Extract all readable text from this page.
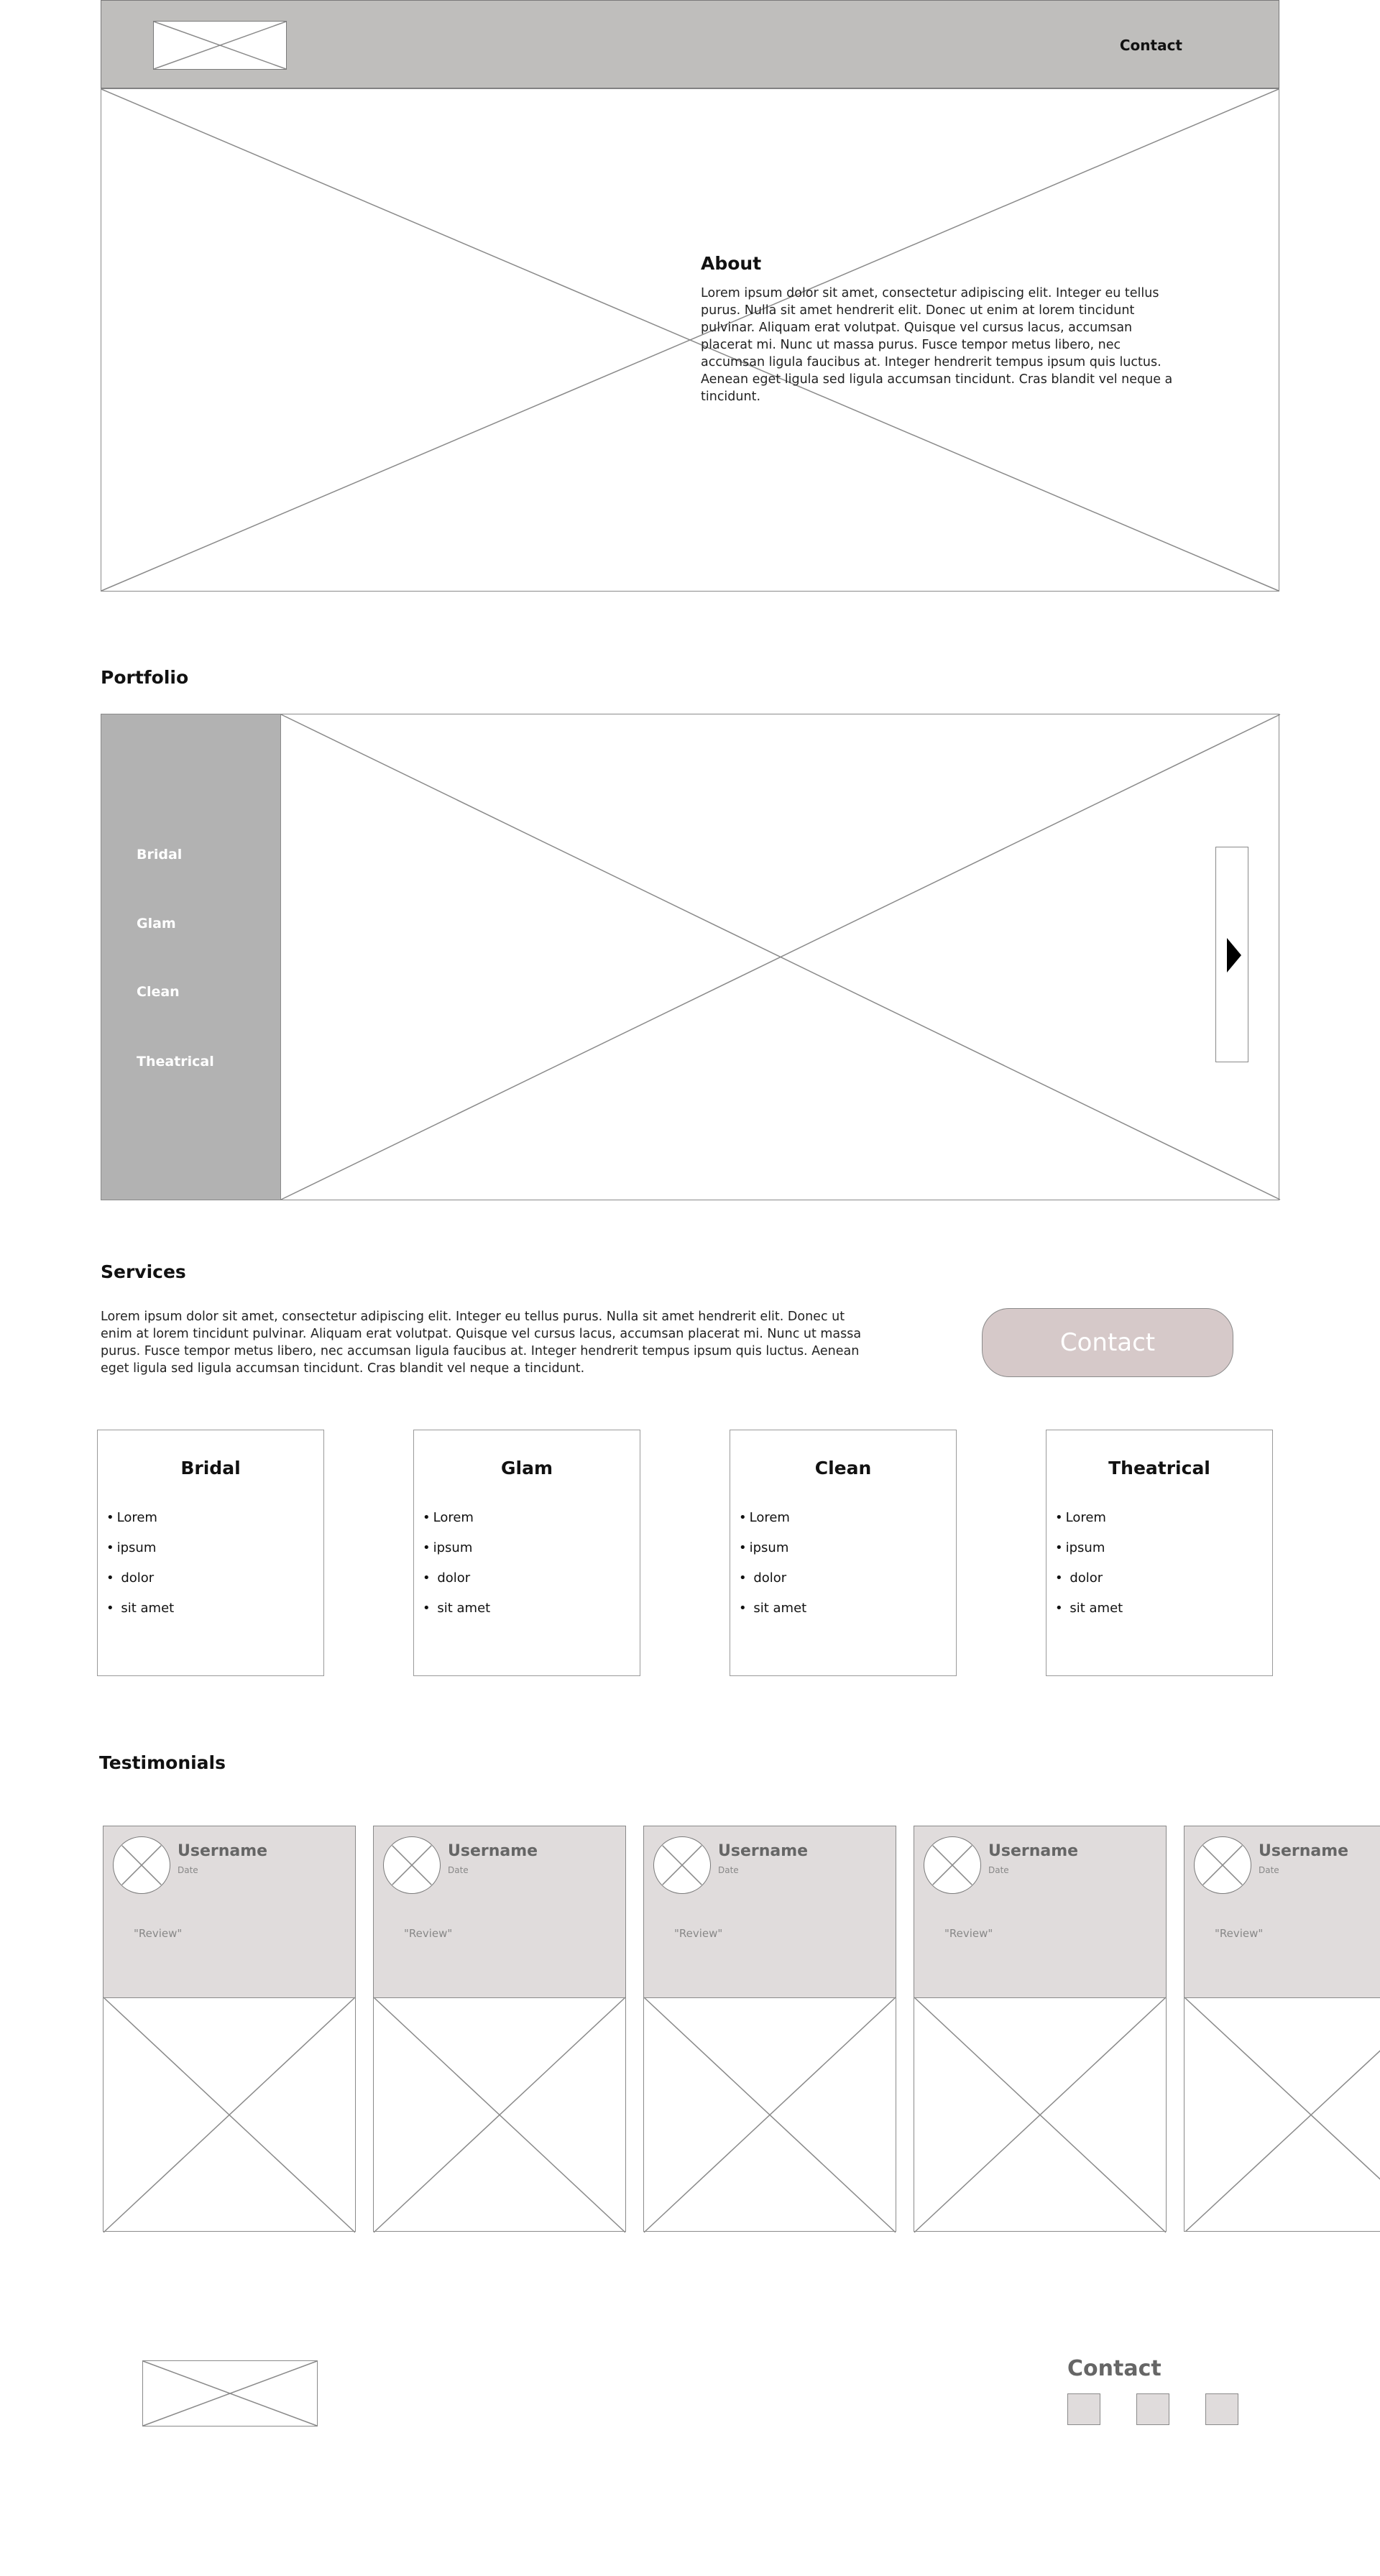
Contact
About
Lorem ipsum dolor sit amet, consectetur adipiscing elit. Integer eu tellus purus. Nulla sit amet hendrerit elit. Donec ut enim at lorem tincidunt pulvinar. Aliquam erat volutpat. Quisque vel cursus lacus, accumsan placerat mi. Nunc ut massa purus. Fusce tempor metus libero, nec accumsan ligula faucibus at. Integer hendrerit tempus ipsum quis luctus. Aenean eget ligula sed ligula accumsan tincidunt. Cras blandit vel neque a tincidunt.
Portfolio
Bridal
Glam
Clean
Theatrical
Services
Lorem ipsum dolor sit amet, consectetur adipiscing elit. Integer eu tellus purus. Nulla sit amet hendrerit elit. Donec ut enim at lorem tincidunt pulvinar. Aliquam erat volutpat. Quisque vel cursus lacus, accumsan placerat mi. Nunc ut massa purus. Fusce tempor metus libero, nec accumsan ligula faucibus at. Integer hendrerit tempus ipsum quis luctus. Aenean eget ligula sed ligula accumsan tincidunt. Cras blandit vel neque a tincidunt.
Contact
Bridal
• Lorem
• ipsum
• dolor
• sit amet
Glam
• Lorem
• ipsum
• dolor
• sit amet
Clean
• Lorem
• ipsum
• dolor
• sit amet
Theatrical
• Lorem
• ipsum
• dolor
• sit amet
Testimonials
Username
Date
"Review"
Username
Date
"Review"
Username
Date
"Review"
Username
Date
"Review"
Username
Date
"Review"
Contact
